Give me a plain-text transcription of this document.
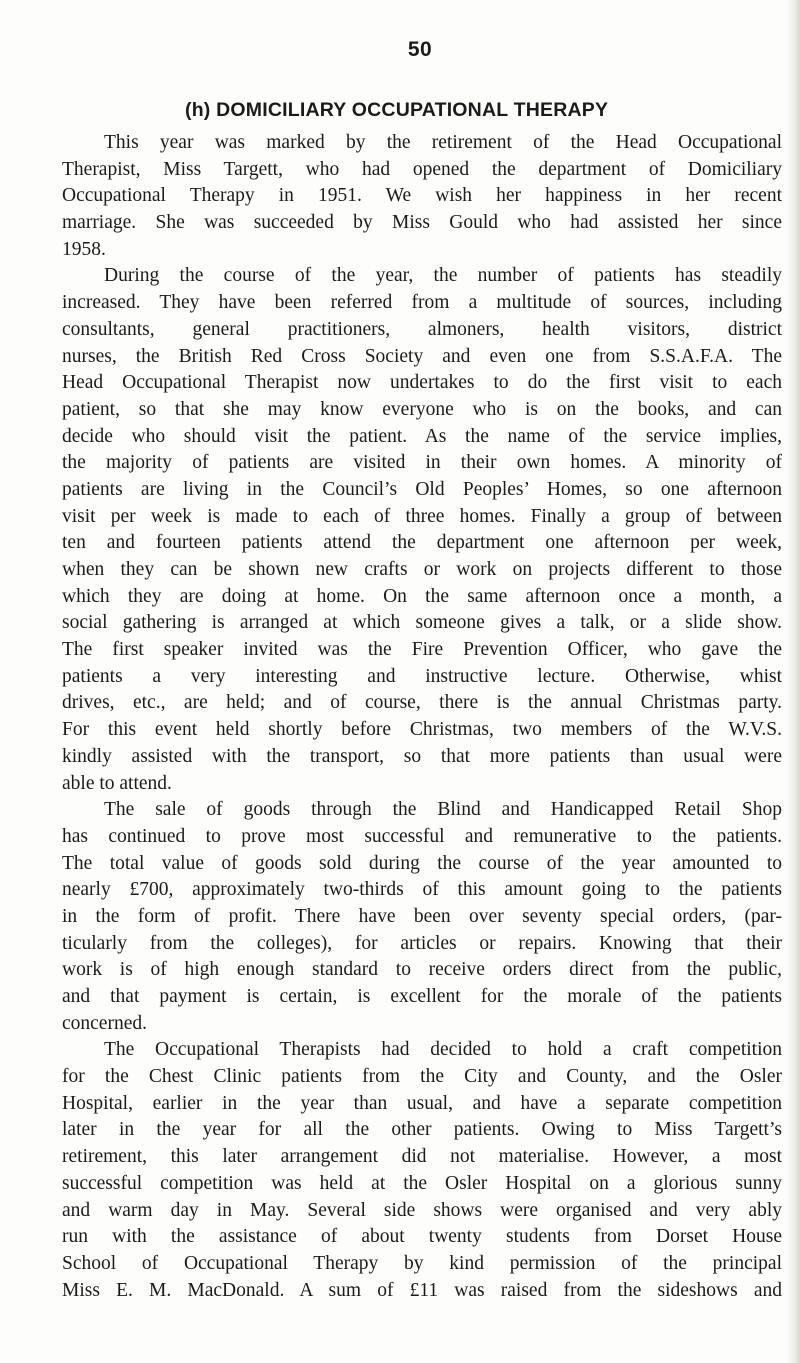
50
(h) DOMICILIARY OCCUPATIONAL THERAPY
This year was marked by the retirement of the Head Occupational
Therapist, Miss Targett, who had opened the department of Domiciliary
Occupational Therapy in 1951. We wish her happiness in her recent
marriage. She was succeeded by Miss Gould who had assisted her since
1958.
During the course of the year, the number of patients has steadily
increased. They have been referred from a multitude of sources, including
consultants, general practitioners, almoners, health visitors, district
nurses, the British Red Cross Society and even one from S.S.A.F.A. The
Head Occupational Therapist now undertakes to do the first visit to each
patient, so that she may know everyone who is on the books, and can
decide who should visit the patient. As the name of the service implies,
the majority of patients are visited in their own homes. A minority of
patients are living in the Council’s Old Peoples’ Homes, so one afternoon
visit per week is made to each of three homes. Finally a group of between
ten and fourteen patients attend the department one afternoon per week,
when they can be shown new crafts or work on projects different to those
which they are doing at home. On the same afternoon once a month, a
social gathering is arranged at which someone gives a talk, or a slide show.
The first speaker invited was the Fire Prevention Officer, who gave the
patients a very interesting and instructive lecture. Otherwise, whist
drives, etc., are held; and of course, there is the annual Christmas party.
For this event held shortly before Christmas, two members of the W.V.S.
kindly assisted with the transport, so that more patients than usual were
able to attend.
The sale of goods through the Blind and Handicapped Retail Shop
has continued to prove most successful and remunerative to the patients.
The total value of goods sold during the course of the year amounted to
nearly £700, approximately two-thirds of this amount going to the patients
in the form of profit. There have been over seventy special orders, (par-
ticularly from the colleges), for articles or repairs. Knowing that their
work is of high enough standard to receive orders direct from the public,
and that payment is certain, is excellent for the morale of the patients
concerned.
The Occupational Therapists had decided to hold a craft competition
for the Chest Clinic patients from the City and County, and the Osler
Hospital, earlier in the year than usual, and have a separate competition
later in the year for all the other patients. Owing to Miss Targett’s
retirement, this later arrangement did not materialise. However, a most
successful competition was held at the Osler Hospital on a glorious sunny
and warm day in May. Several side shows were organised and very ably
run with the assistance of about twenty students from Dorset House
School of Occupational Therapy by kind permission of the principal
Miss E. M. MacDonald. A sum of £11 was raised from the sideshows and
